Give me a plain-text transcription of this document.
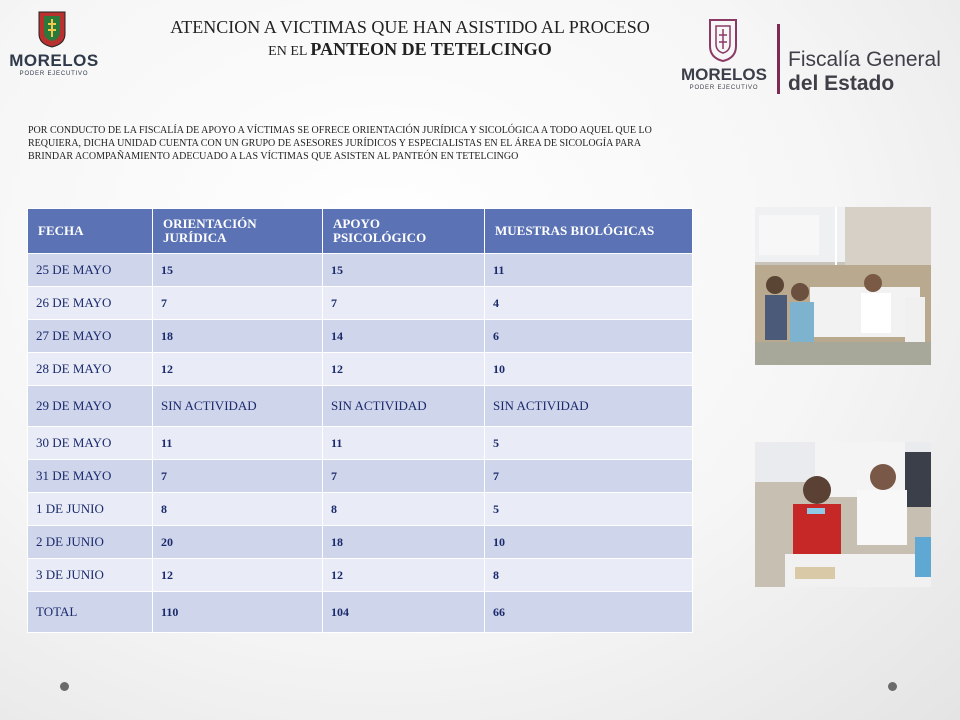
MORELOS
PODER EJECUTIVO
ATENCION A VICTIMAS QUE HAN ASISTIDO AL PROCESO
EN EL PANTEON DE TETELCINGO
MORELOS
PODER EJECUTIVO
Fiscalía General
del Estado
POR CONDUCTO DE LA FISCALÍA DE APOYO A VÍCTIMAS SE OFRECE ORIENTACIÓN JURÍDICA Y SICOLÓGICA A TODO AQUEL QUE LO REQUIERA, DICHA UNIDAD CUENTA CON UN GRUPO DE ASESORES JURÍDICOS Y ESPECIALISTAS EN EL ÁREA DE SICOLOGÍA PARA BRINDAR ACOMPAÑAMIENTO ADECUADO A LAS VÍCTIMAS QUE ASISTEN AL PANTEÓN EN TETELCINGO
FECHA	ORIENTACIÓN JURÍDICA	APOYO PSICOLÓGICO	MUESTRAS BIOLÓGICAS
25 DE MAYO	15	15	11
26 DE MAYO	7	7	4
27 DE MAYO	18	14	6
28 DE MAYO	12	12	10
29 DE MAYO	SIN ACTIVIDAD	SIN ACTIVIDAD	SIN ACTIVIDAD
30 DE MAYO	11	11	5
31 DE MAYO	7	7	7
1 DE JUNIO	8	8	5
2 DE JUNIO	20	18	10
3 DE JUNIO	12	12	8
TOTAL	110	104	66
